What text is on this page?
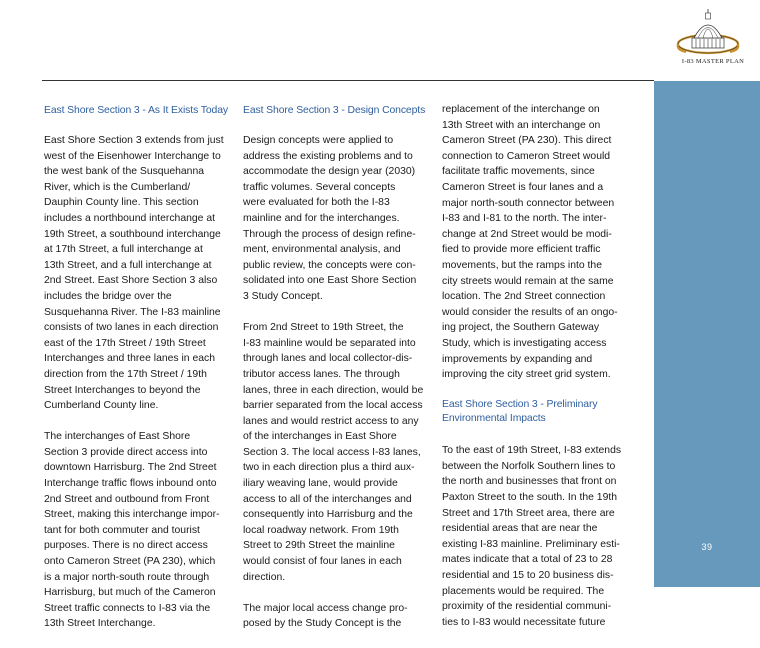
I-83 MASTER PLAN
East Shore Section 3 - As It Exists Today
East Shore Section 3 extends from just
west of the Eisenhower Interchange to
the west bank of the Susquehanna
River, which is the Cumberland/
Dauphin County line. This section
includes a northbound interchange at
19th Street, a southbound interchange
at 17th Street, a full interchange at
13th Street, and a full interchange at
2nd Street. East Shore Section 3 also
includes the bridge over the
Susquehanna River. The I-83 mainline
consists of two lanes in each direction
east of the 17th Street / 19th Street
Interchanges and three lanes in each
direction from the 17th Street / 19th
Street Interchanges to beyond the
Cumberland County line.
The interchanges of East Shore
Section 3 provide direct access into
downtown Harrisburg. The 2nd Street
Interchange traffic flows inbound onto
2nd Street and outbound from Front
Street, making this interchange impor-
tant for both commuter and tourist
purposes. There is no direct access
onto Cameron Street (PA 230), which
is a major north-south route through
Harrisburg, but much of the Cameron
Street traffic connects to I-83 via the
13th Street Interchange.
East Shore Section 3 - Design Concepts
Design concepts were applied to
address the existing problems and to
accommodate the design year (2030)
traffic volumes. Several concepts
were evaluated for both the I-83
mainline and for the interchanges.
Through the process of design refine-
ment, environmental analysis, and
public review, the concepts were con-
solidated into one East Shore Section
3 Study Concept.
From 2nd Street to 19th Street, the
I-83 mainline would be separated into
through lanes and local collector-dis-
tributor access lanes. The through
lanes, three in each direction, would be
barrier separated from the local access
lanes and would restrict access to any
of the interchanges in East Shore
Section 3. The local access I-83 lanes,
two in each direction plus a third aux-
iliary weaving lane, would provide
access to all of the interchanges and
consequently into Harrisburg and the
local roadway network. From 19th
Street to 29th Street the mainline
would consist of four lanes in each
direction.
The major local access change pro-
posed by the Study Concept is the
replacement of the interchange on
13th Street with an interchange on
Cameron Street (PA 230). This direct
connection to Cameron Street would
facilitate traffic movements, since
Cameron Street is four lanes and a
major north-south connector between
I-83 and I-81 to the north. The inter-
change at 2nd Street would be modi-
fied to provide more efficient traffic
movements, but the ramps into the
city streets would remain at the same
location. The 2nd Street connection
would consider the results of an ongo-
ing project, the Southern Gateway
Study, which is investigating access
improvements by expanding and
improving the city street grid system.
East Shore Section 3 - Preliminary
Environmental Impacts
To the east of 19th Street, I-83 extends
between the Norfolk Southern lines to
the north and businesses that front on
Paxton Street to the south. In the 19th
Street and 17th Street area, there are
residential areas that are near the
existing I-83 mainline. Preliminary esti-
mates indicate that a total of 23 to 28
residential and 15 to 20 business dis-
placements would be required. The
proximity of the residential communi-
ties to I-83 would necessitate future
39
